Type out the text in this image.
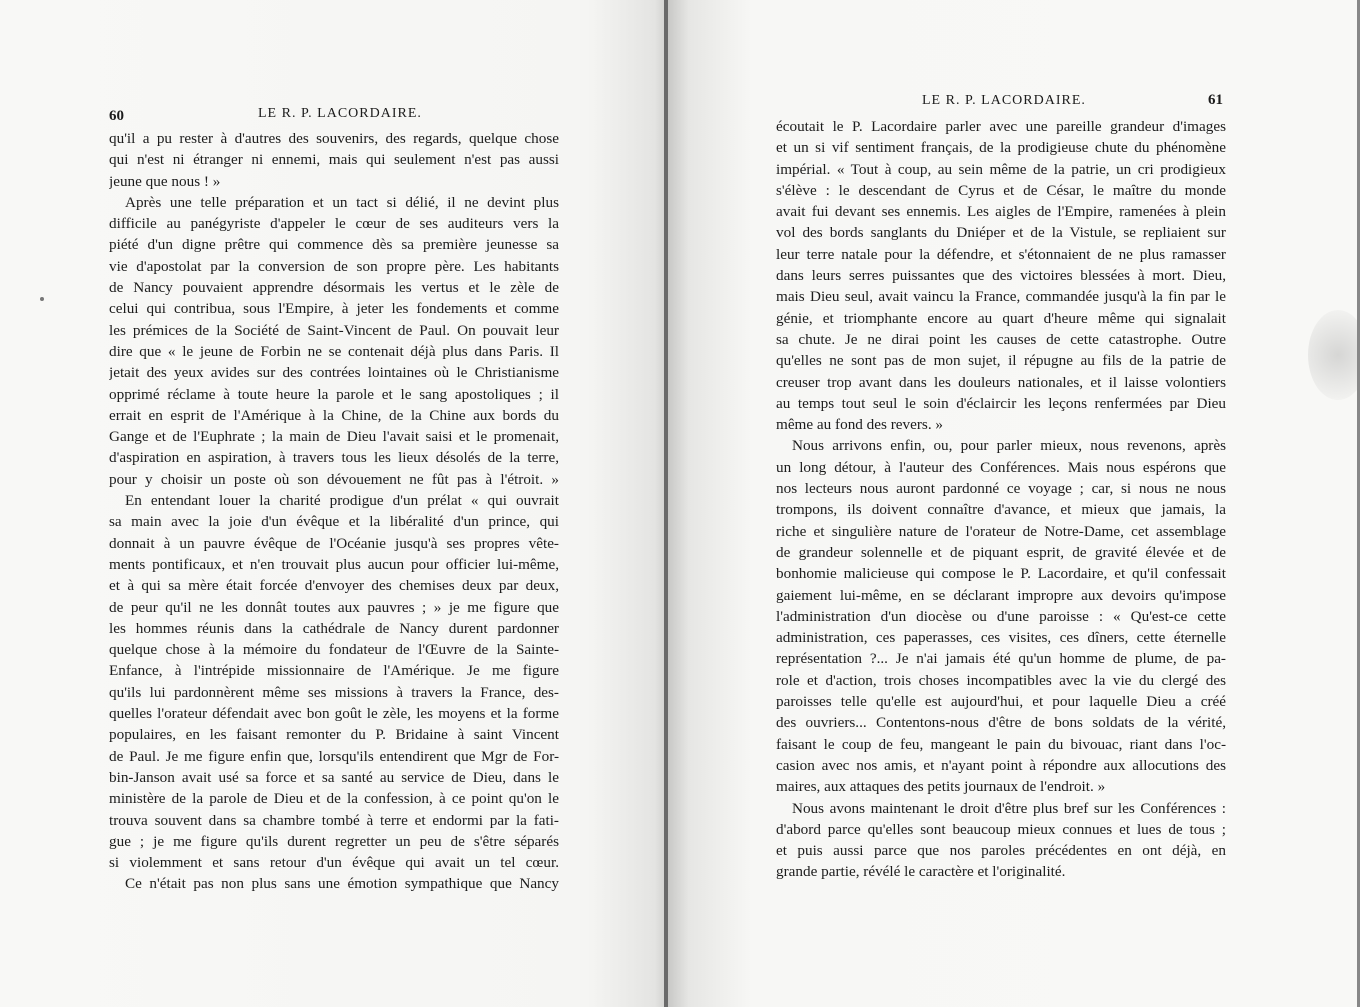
60	LE R. P. LACORDAIRE.
qu'il a pu rester à d'autres des souvenirs, des regards, quelque chose
qui n'est ni étranger ni ennemi, mais qui seulement n'est pas aussi
jeune que nous ! »
Après une telle préparation et un tact si délié, il ne devint plus
difficile au panégyriste d'appeler le cœur de ses auditeurs vers la
piété d'un digne prêtre qui commence dès sa première jeunesse sa
vie d'apostolat par la conversion de son propre père. Les habitants
de Nancy pouvaient apprendre désormais les vertus et le zèle de
celui qui contribua, sous l'Empire, à jeter les fondements et comme
les prémices de la Société de Saint-Vincent de Paul. On pouvait leur
dire que « le jeune de Forbin ne se contenait déjà plus dans Paris. Il
jetait des yeux avides sur des contrées lointaines où le Christianisme
opprimé réclame à toute heure la parole et le sang apostoliques ; il
errait en esprit de l'Amérique à la Chine, de la Chine aux bords du
Gange et de l'Euphrate ; la main de Dieu l'avait saisi et le promenait,
d'aspiration en aspiration, à travers tous les lieux désolés de la terre,
pour y choisir un poste où son dévouement ne fût pas à l'étroit. »
En entendant louer la charité prodigue d'un prélat « qui ouvrait
sa main avec la joie d'un évêque et la libéralité d'un prince, qui
donnait à un pauvre évêque de l'Océanie jusqu'à ses propres vête-
ments pontificaux, et n'en trouvait plus aucun pour officier lui-même,
et à qui sa mère était forcée d'envoyer des chemises deux par deux,
de peur qu'il ne les donnât toutes aux pauvres ; » je me figure que
les hommes réunis dans la cathédrale de Nancy durent pardonner
quelque chose à la mémoire du fondateur de l'Œuvre de la Sainte-
Enfance, à l'intrépide missionnaire de l'Amérique. Je me figure
qu'ils lui pardonnèrent même ses missions à travers la France, des-
quelles l'orateur défendait avec bon goût le zèle, les moyens et la forme
populaires, en les faisant remonter du P. Bridaine à saint Vincent
de Paul. Je me figure enfin que, lorsqu'ils entendirent que Mgr de For-
bin-Janson avait usé sa force et sa santé au service de Dieu, dans le
ministère de la parole de Dieu et de la confession, à ce point qu'on le
trouva souvent dans sa chambre tombé à terre et endormi par la fati-
gue ; je me figure qu'ils durent regretter un peu de s'être séparés
si violemment et sans retour d'un évêque qui avait un tel cœur.
Ce n'était pas non plus sans une émotion sympathique que Nancy
LE R. P. LACORDAIRE.	61
écoutait le P. Lacordaire parler avec une pareille grandeur d'images
et un si vif sentiment français, de la prodigieuse chute du phénomène
impérial. « Tout à coup, au sein même de la patrie, un cri prodigieux
s'élève : le descendant de Cyrus et de César, le maître du monde
avait fui devant ses ennemis. Les aigles de l'Empire, ramenées à plein
vol des bords sanglants du Dniéper et de la Vistule, se repliaient sur
leur terre natale pour la défendre, et s'étonnaient de ne plus ramasser
dans leurs serres puissantes que des victoires blessées à mort. Dieu,
mais Dieu seul, avait vaincu la France, commandée jusqu'à la fin par le
génie, et triomphante encore au quart d'heure même qui signalait
sa chute. Je ne dirai point les causes de cette catastrophe. Outre
qu'elles ne sont pas de mon sujet, il répugne au fils de la patrie de
creuser trop avant dans les douleurs nationales, et il laisse volontiers
au temps tout seul le soin d'éclaircir les leçons renfermées par Dieu
même au fond des revers. »
Nous arrivons enfin, ou, pour parler mieux, nous revenons, après
un long détour, à l'auteur des Conférences. Mais nous espérons que
nos lecteurs nous auront pardonné ce voyage ; car, si nous ne nous
trompons, ils doivent connaître d'avance, et mieux que jamais, la
riche et singulière nature de l'orateur de Notre-Dame, cet assemblage
de grandeur solennelle et de piquant esprit, de gravité élevée et de
bonhomie malicieuse qui compose le P. Lacordaire, et qu'il confessait
gaiement lui-même, en se déclarant impropre aux devoirs qu'impose
l'administration d'un diocèse ou d'une paroisse : « Qu'est-ce cette
administration, ces paperasses, ces visites, ces dîners, cette éternelle
représentation ?... Je n'ai jamais été qu'un homme de plume, de pa-
role et d'action, trois choses incompatibles avec la vie du clergé des
paroisses telle qu'elle est aujourd'hui, et pour laquelle Dieu a créé
des ouvriers... Contentons-nous d'être de bons soldats de la vérité,
faisant le coup de feu, mangeant le pain du bivouac, riant dans l'oc-
casion avec nos amis, et n'ayant point à répondre aux allocutions des
maires, aux attaques des petits journaux de l'endroit. »
Nous avons maintenant le droit d'être plus bref sur les Conférences :
d'abord parce qu'elles sont beaucoup mieux connues et lues de tous ;
et puis aussi parce que nos paroles précédentes en ont déjà, en
grande partie, révélé le caractère et l'originalité.
